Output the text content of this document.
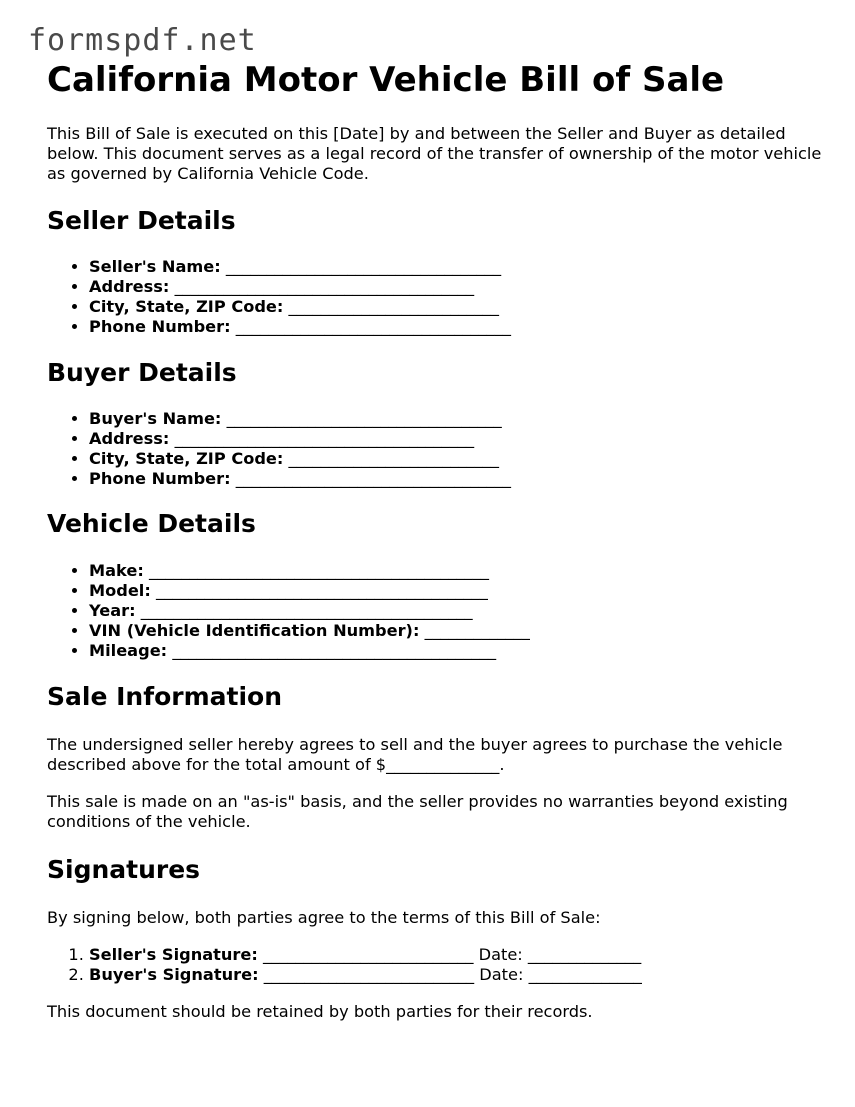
formspdf.net
California Motor Vehicle Bill of Sale

This Bill of Sale is executed on this [Date] by and between the Seller and Buyer as detailed below. This document serves as a legal record of the transfer of ownership of the motor vehicle as governed by California Vehicle Code.

Seller Details
• Seller's Name: __________________________________
• Address: _____________________________________
• City, State, ZIP Code: __________________________
• Phone Number: __________________________________
Buyer Details
• Buyer's Name: __________________________________
• Address: _____________________________________
• City, State, ZIP Code: __________________________
• Phone Number: __________________________________
Vehicle Details
• Make: __________________________________________
• Model: _________________________________________
• Year: _________________________________________
• VIN (Vehicle Identification Number): _____________
• Mileage: ________________________________________
Sale Information

The undersigned seller hereby agrees to sell and the buyer agrees to purchase the vehicle described above for the total amount of $______________.

This sale is made on an "as-is" basis, and the seller provides no warranties beyond existing conditions of the vehicle.

Signatures

By signing below, both parties agree to the terms of this Bill of Sale:

1. Seller's Signature: __________________________ Date: ______________
2. Buyer's Signature: __________________________ Date: ______________

This document should be retained by both parties for their records.
